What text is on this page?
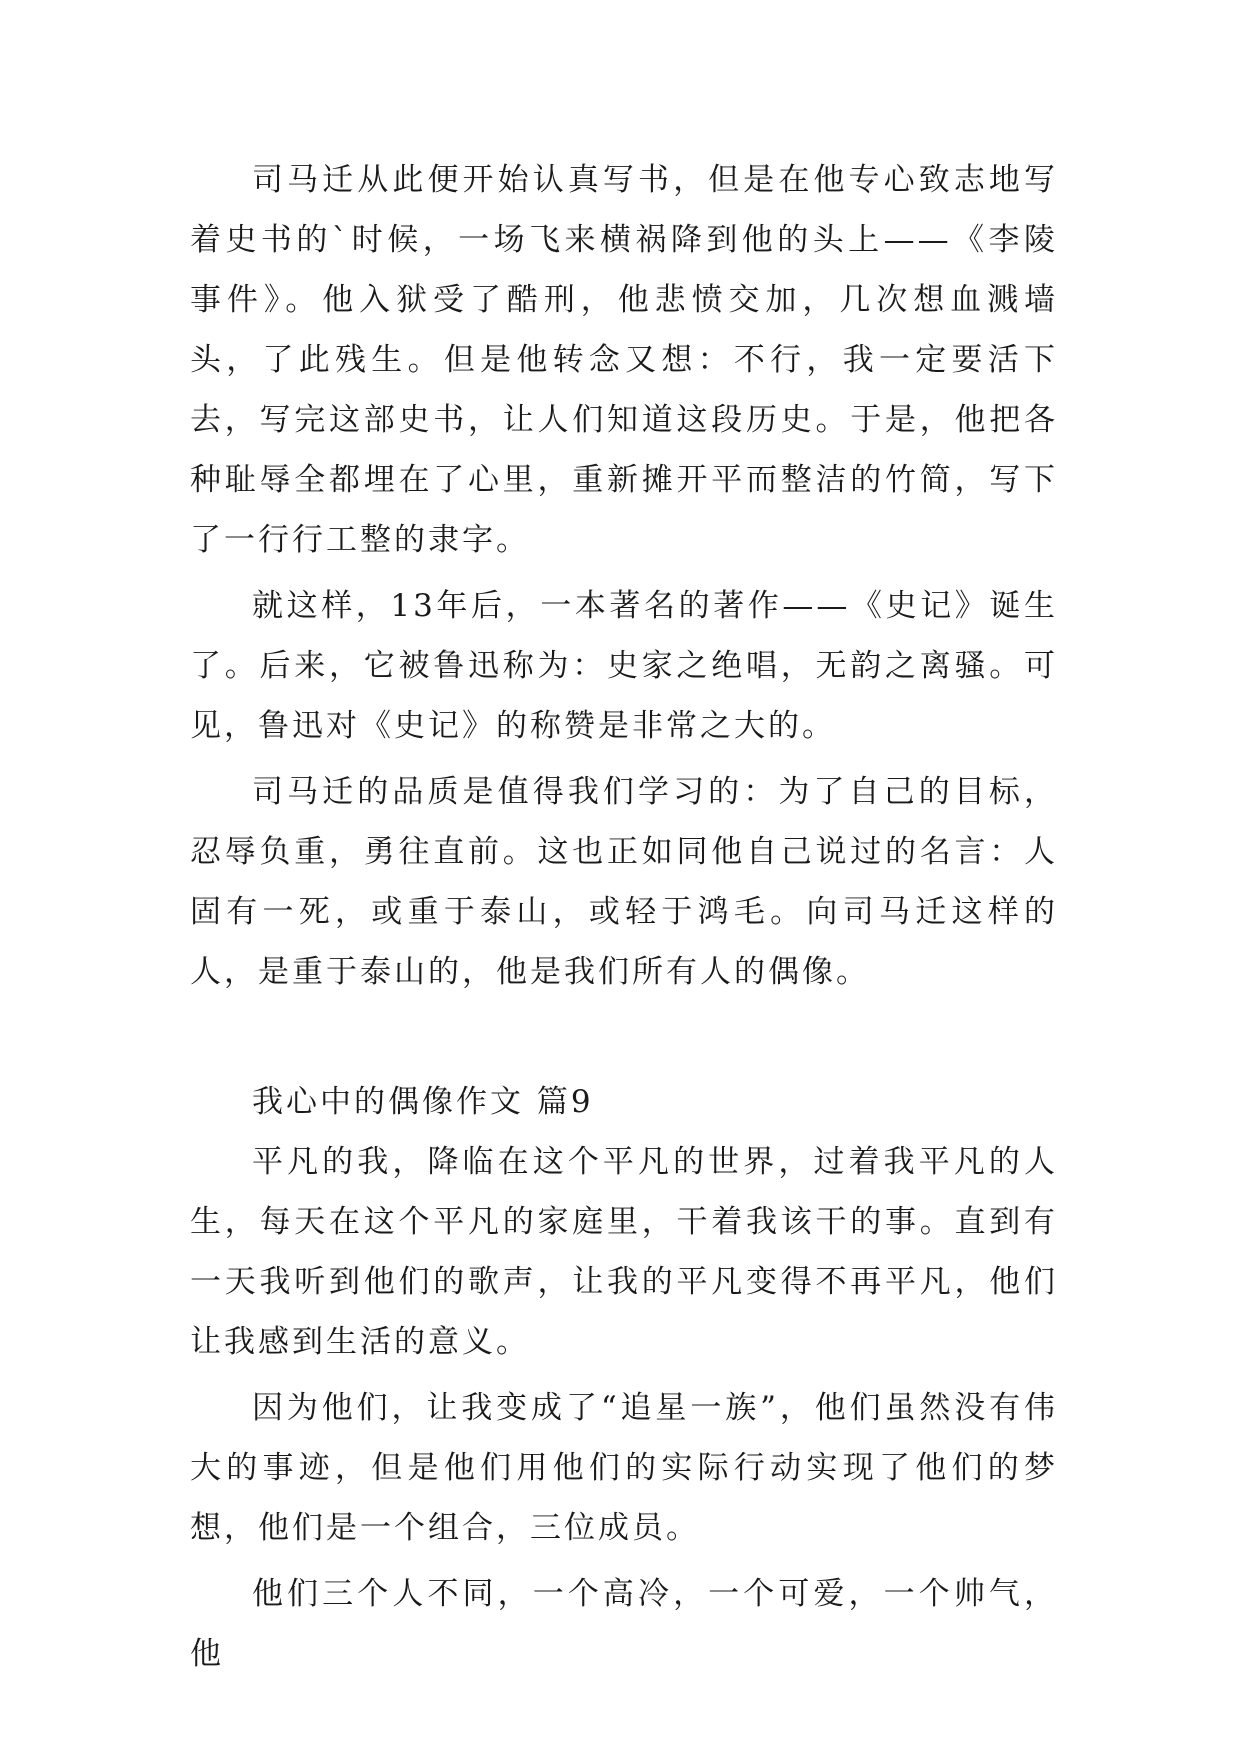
司马迁从此便开始认真写书，但是在他专心致志地写着史书的`时候，一场飞来横祸降到他的头上——《李陵事件》。他入狱受了酷刑，他悲愤交加，几次想血溅墙头，了此残生。但是他转念又想：不行，我一定要活下去，写完这部史书，让人们知道这段历史。于是，他把各种耻辱全都埋在了心里，重新摊开平而整洁的竹简，写下了一行行工整的隶字。

就这样，13年后，一本著名的著作——《史记》诞生了。后来，它被鲁迅称为：史家之绝唱，无韵之离骚。可见，鲁迅对《史记》的称赞是非常之大的。

司马迁的品质是值得我们学习的：为了自己的目标，忍辱负重，勇往直前。这也正如同他自己说过的名言：人固有一死，或重于泰山，或轻于鸿毛。向司马迁这样的人，是重于泰山的，他是我们所有人的偶像。

我心中的偶像作文 篇9

平凡的我，降临在这个平凡的世界，过着我平凡的人生，每天在这个平凡的家庭里，干着我该干的事。直到有一天我听到他们的歌声，让我的平凡变得不再平凡，他们让我感到生活的意义。

因为他们，让我变成了“追星一族”，他们虽然没有伟大的事迹，但是他们用他们的实际行动实现了他们的梦想，他们是一个组合，三位成员。

他们三个人不同，一个高冷，一个可爱，一个帅气，他
